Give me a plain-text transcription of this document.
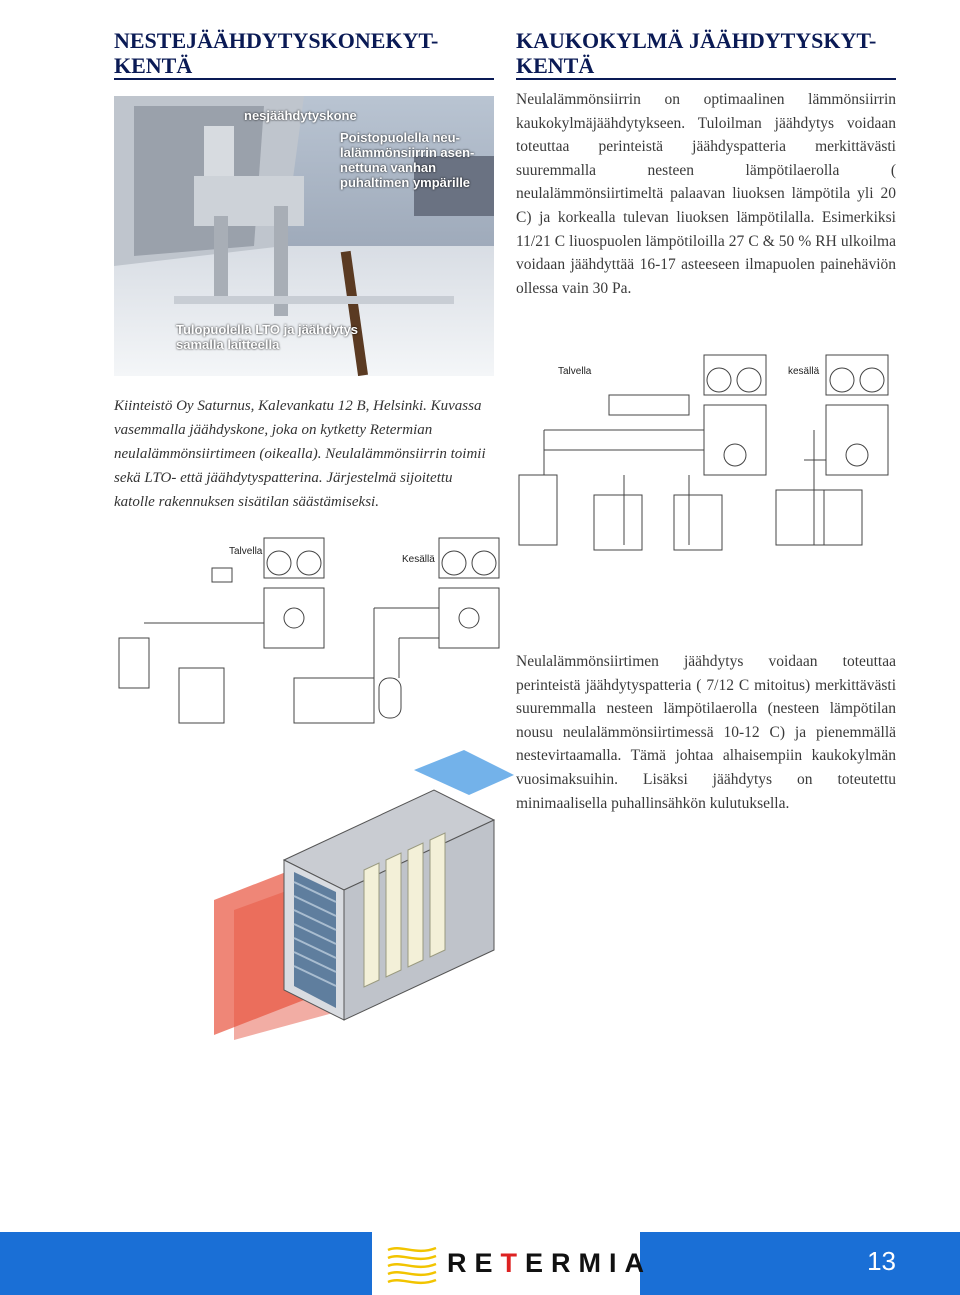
NESTEJÄÄHDYTYSKONEKYT-
KENTÄ
KAUKOKYLMÄ JÄÄHDYTYSKYT-
KENTÄ
nesjäähdytyskone
Poistopuolella neu-
lalämmönsiirrin asen-
nettuna vanhan
puhaltimen ympärille
Tulopuolella LTO ja jäähdytys
samalla laitteella

Neulalämmönsiirrin on optimaalinen lämmönsiirrin kaukokylmäjäähdytykseen. Tuloilman jäähdytys voidaan toteuttaa perinteistä jäähdyspatteria merkittävästi suuremmalla nesteen lämpötilaerolla ( neulalämmönsiirtimeltä palaavan liuoksen lämpötila yli 20 C) ja korkealla tulevan liuoksen lämpötilalla. Esimerkiksi 11/21 C liuospuolen lämpötiloilla 27 C & 50 % RH ulkoilma voidaan jäähdyttää 16-17 asteeseen ilmapuolen painehäviön ollessa vain 30 Pa.

Kiinteistö Oy Saturnus, Kalevankatu 12 B, Helsinki. Kuvassa vasemmalla jäähdyskone, joka on kytketty Retermian neulalämmönsiirtimeen (oikealla). Neulalämmönsiirrin toimii sekä LTO- että jäähdytyspatterina. Järjestelmä sijoitettu katolle rakennuksen sisätilan säästämiseksi.

Talvella	kesällä
Talvella
Kesällä

Neulalämmönsiirtimen jäähdytys voidaan toteuttaa perinteistä jäähdytyspatteria ( 7/12 C mitoitus) merkittävästi suuremmalla nesteen lämpötilaerolla (nesteen lämpötilan nousu neulalämmönsiirtimessä 10-12 C) ja pienemmällä nestevirtaamalla. Tämä johtaa alhaisempiin kaukokylmän vuosimaksuihin. Lisäksi jäähdytys on toteutettu minimaalisella puhallinsähkön kulutuksella.

RETERMIA	13
